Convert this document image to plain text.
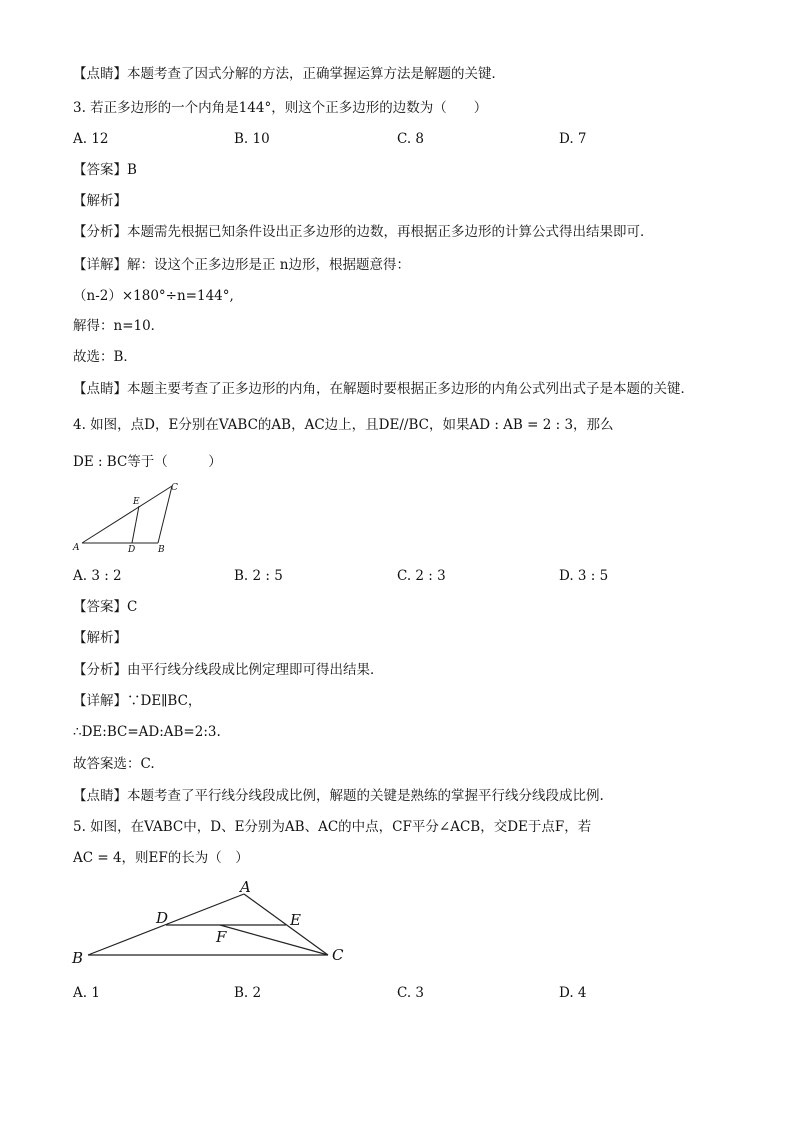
【点睛】本题考查了因式分解的方法，正确掌握运算方法是解题的关键．
3. 若正多边形的一个内角是144°，则这个正多边形的边数为（　　）
A. 12	B. 10	C. 8	D. 7
【答案】B
【解析】
【分析】本题需先根据已知条件设出正多边形的边数，再根据正多边形的计算公式得出结果即可．
【详解】解：设这个正多边形是正 n边形，根据题意得：
（n-2）×180°÷n=144°,
解得：n=10．
故选：B．
【点睛】本题主要考查了正多边形的内角，在解题时要根据正多边形的内角公式列出式子是本题的关键．
4. 如图，点D，E分别在VABC的AB，AC边上，且DE//BC，如果AD : AB = 2 : 3，那么
DE : BC等于（　　　）
A	D	B
E
C
A. 3 : 2	B. 2 : 5	C. 2 : 3	D. 3 : 5
【答案】C
【解析】
【分析】由平行线分线段成比例定理即可得出结果．
【详解】∵DE∥BC，
∴DE:BC=AD:AB=2:3.
故答案选：C.
【点睛】本题考查了平行线分线段成比例，解题的关键是熟练的掌握平行线分线段成比例.
5. 如图，在VABC中，D、E分别为AB、AC的中点，CF平分∠ACB，交DE于点F，若
AC = 4，则EF的长为（　）
B
A
D	E
F
C
A. 1	B. 2	C. 3	D. 4
